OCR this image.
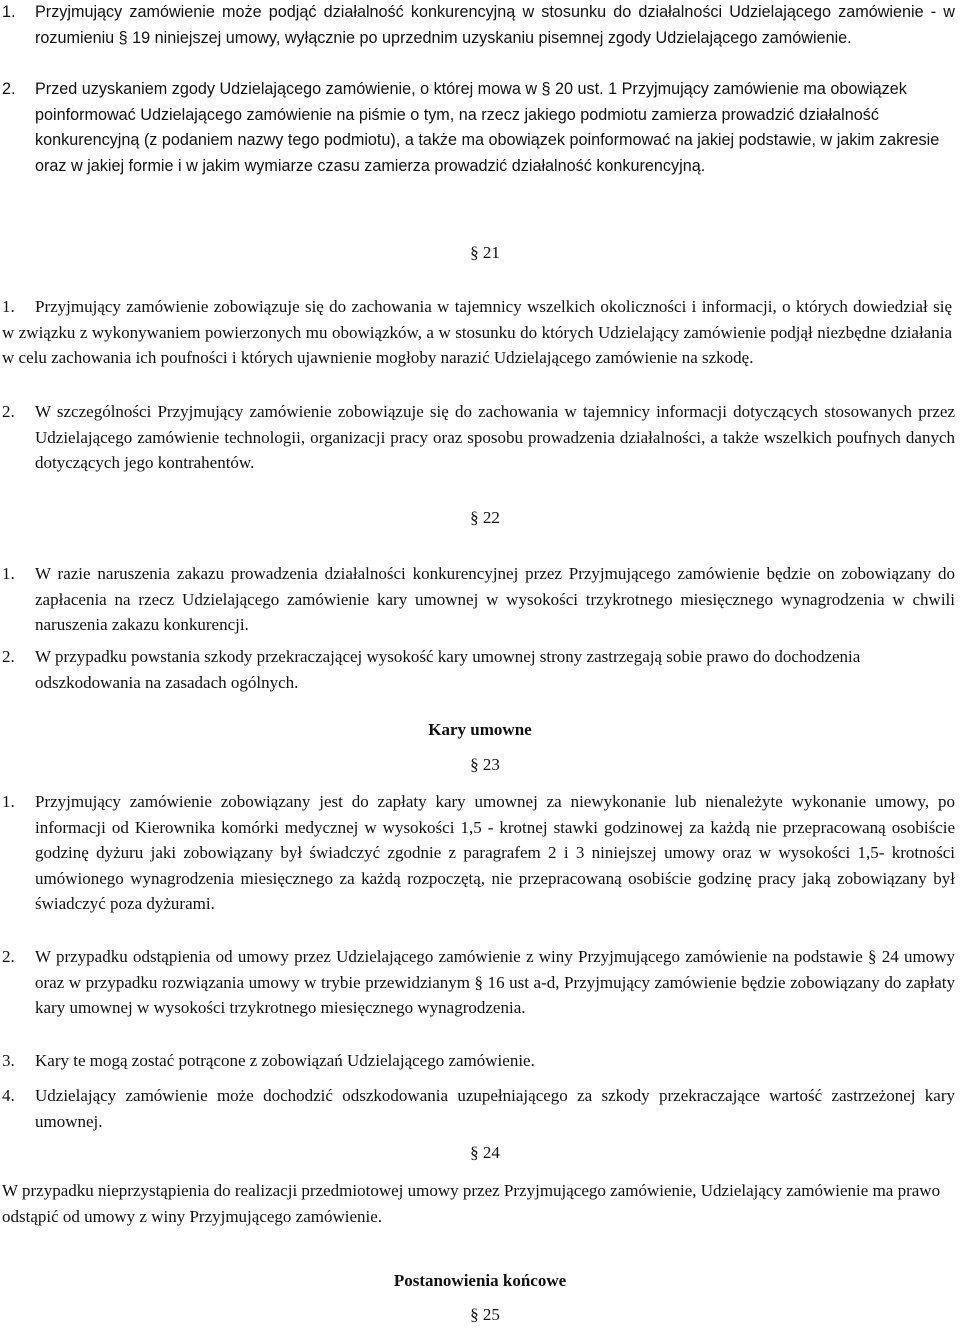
1. Przyjmujący zamówienie może podjąć działalność konkurencyjną w stosunku do działalności Udzielającego zamówienie - w rozumieniu § 19 niniejszej umowy, wyłącznie po uprzednim uzyskaniu pisemnej zgody Udzielającego zamówienie.
2. Przed uzyskaniem zgody Udzielającego zamówienie, o której mowa w § 20 ust. 1 Przyjmujący zamówienie ma obowiązek poinformować Udzielającego zamówienie na piśmie o tym, na rzecz jakiego podmiotu zamierza prowadzić działalność konkurencyjną (z podaniem nazwy tego podmiotu), a także ma obowiązek poinformować na jakiej podstawie, w jakim zakresie oraz w jakiej formie i w jakim wymiarze czasu zamierza prowadzić działalność konkurencyjną.
§ 21
1.	Przyjmujący zamówienie zobowiązuje się do zachowania w tajemnicy wszelkich okoliczności i informacji, o których dowiedział się w związku z wykonywaniem powierzonych mu obowiązków, a w stosunku do których Udzielający zamówienie podjął niezbędne działania w celu zachowania ich poufności i których ujawnienie mogłoby narazić Udzielającego zamówienie na szkodę.
2. W szczególności Przyjmujący zamówienie zobowiązuje się do zachowania w tajemnicy informacji dotyczących stosowanych przez Udzielającego zamówienie technologii, organizacji pracy oraz sposobu prowadzenia działalności, a także wszelkich poufnych danych dotyczących jego kontrahentów.
§ 22
1. W razie naruszenia zakazu prowadzenia działalności konkurencyjnej przez Przyjmującego zamówienie będzie on zobowiązany do zapłacenia na rzecz Udzielającego zamówienie kary umownej w wysokości trzykrotnego miesięcznego wynagrodzenia w chwili naruszenia zakazu konkurencji.
2. W przypadku powstania szkody przekraczającej wysokość kary umownej strony zastrzegają sobie prawo do dochodzenia odszkodowania na zasadach ogólnych.
Kary umowne
§ 23
1. Przyjmujący zamówienie zobowiązany jest do zapłaty kary umownej za niewykonanie lub nienależyte wykonanie umowy, po informacji od Kierownika komórki medycznej w wysokości 1,5 - krotnej stawki godzinowej za każdą nie przepracowaną osobiście godzinę dyżuru jaki zobowiązany był świadczyć zgodnie z paragrafem 2 i 3 niniejszej umowy oraz w wysokości 1,5- krotności umówionego wynagrodzenia miesięcznego za każdą rozpoczętą, nie przepracowaną osobiście godzinę pracy jaką zobowiązany był świadczyć poza dyżurami.
2. W przypadku odstąpienia od umowy przez Udzielającego zamówienie z winy Przyjmującego zamówienie na podstawie § 24 umowy oraz w przypadku rozwiązania umowy w trybie przewidzianym § 16 ust a-d, Przyjmujący zamówienie będzie zobowiązany do zapłaty kary umownej w wysokości trzykrotnego miesięcznego wynagrodzenia.
3. Kary te mogą zostać potrącone z zobowiązań Udzielającego zamówienie.
4. Udzielający zamówienie może dochodzić odszkodowania uzupełniającego za szkody przekraczające wartość zastrzeżonej kary umownej.
§ 24
W przypadku nieprzystąpienia do realizacji przedmiotowej umowy przez Przyjmującego zamówienie, Udzielający zamówienie ma prawo odstąpić od umowy z winy Przyjmującego zamówienie.
Postanowienia końcowe
§ 25
